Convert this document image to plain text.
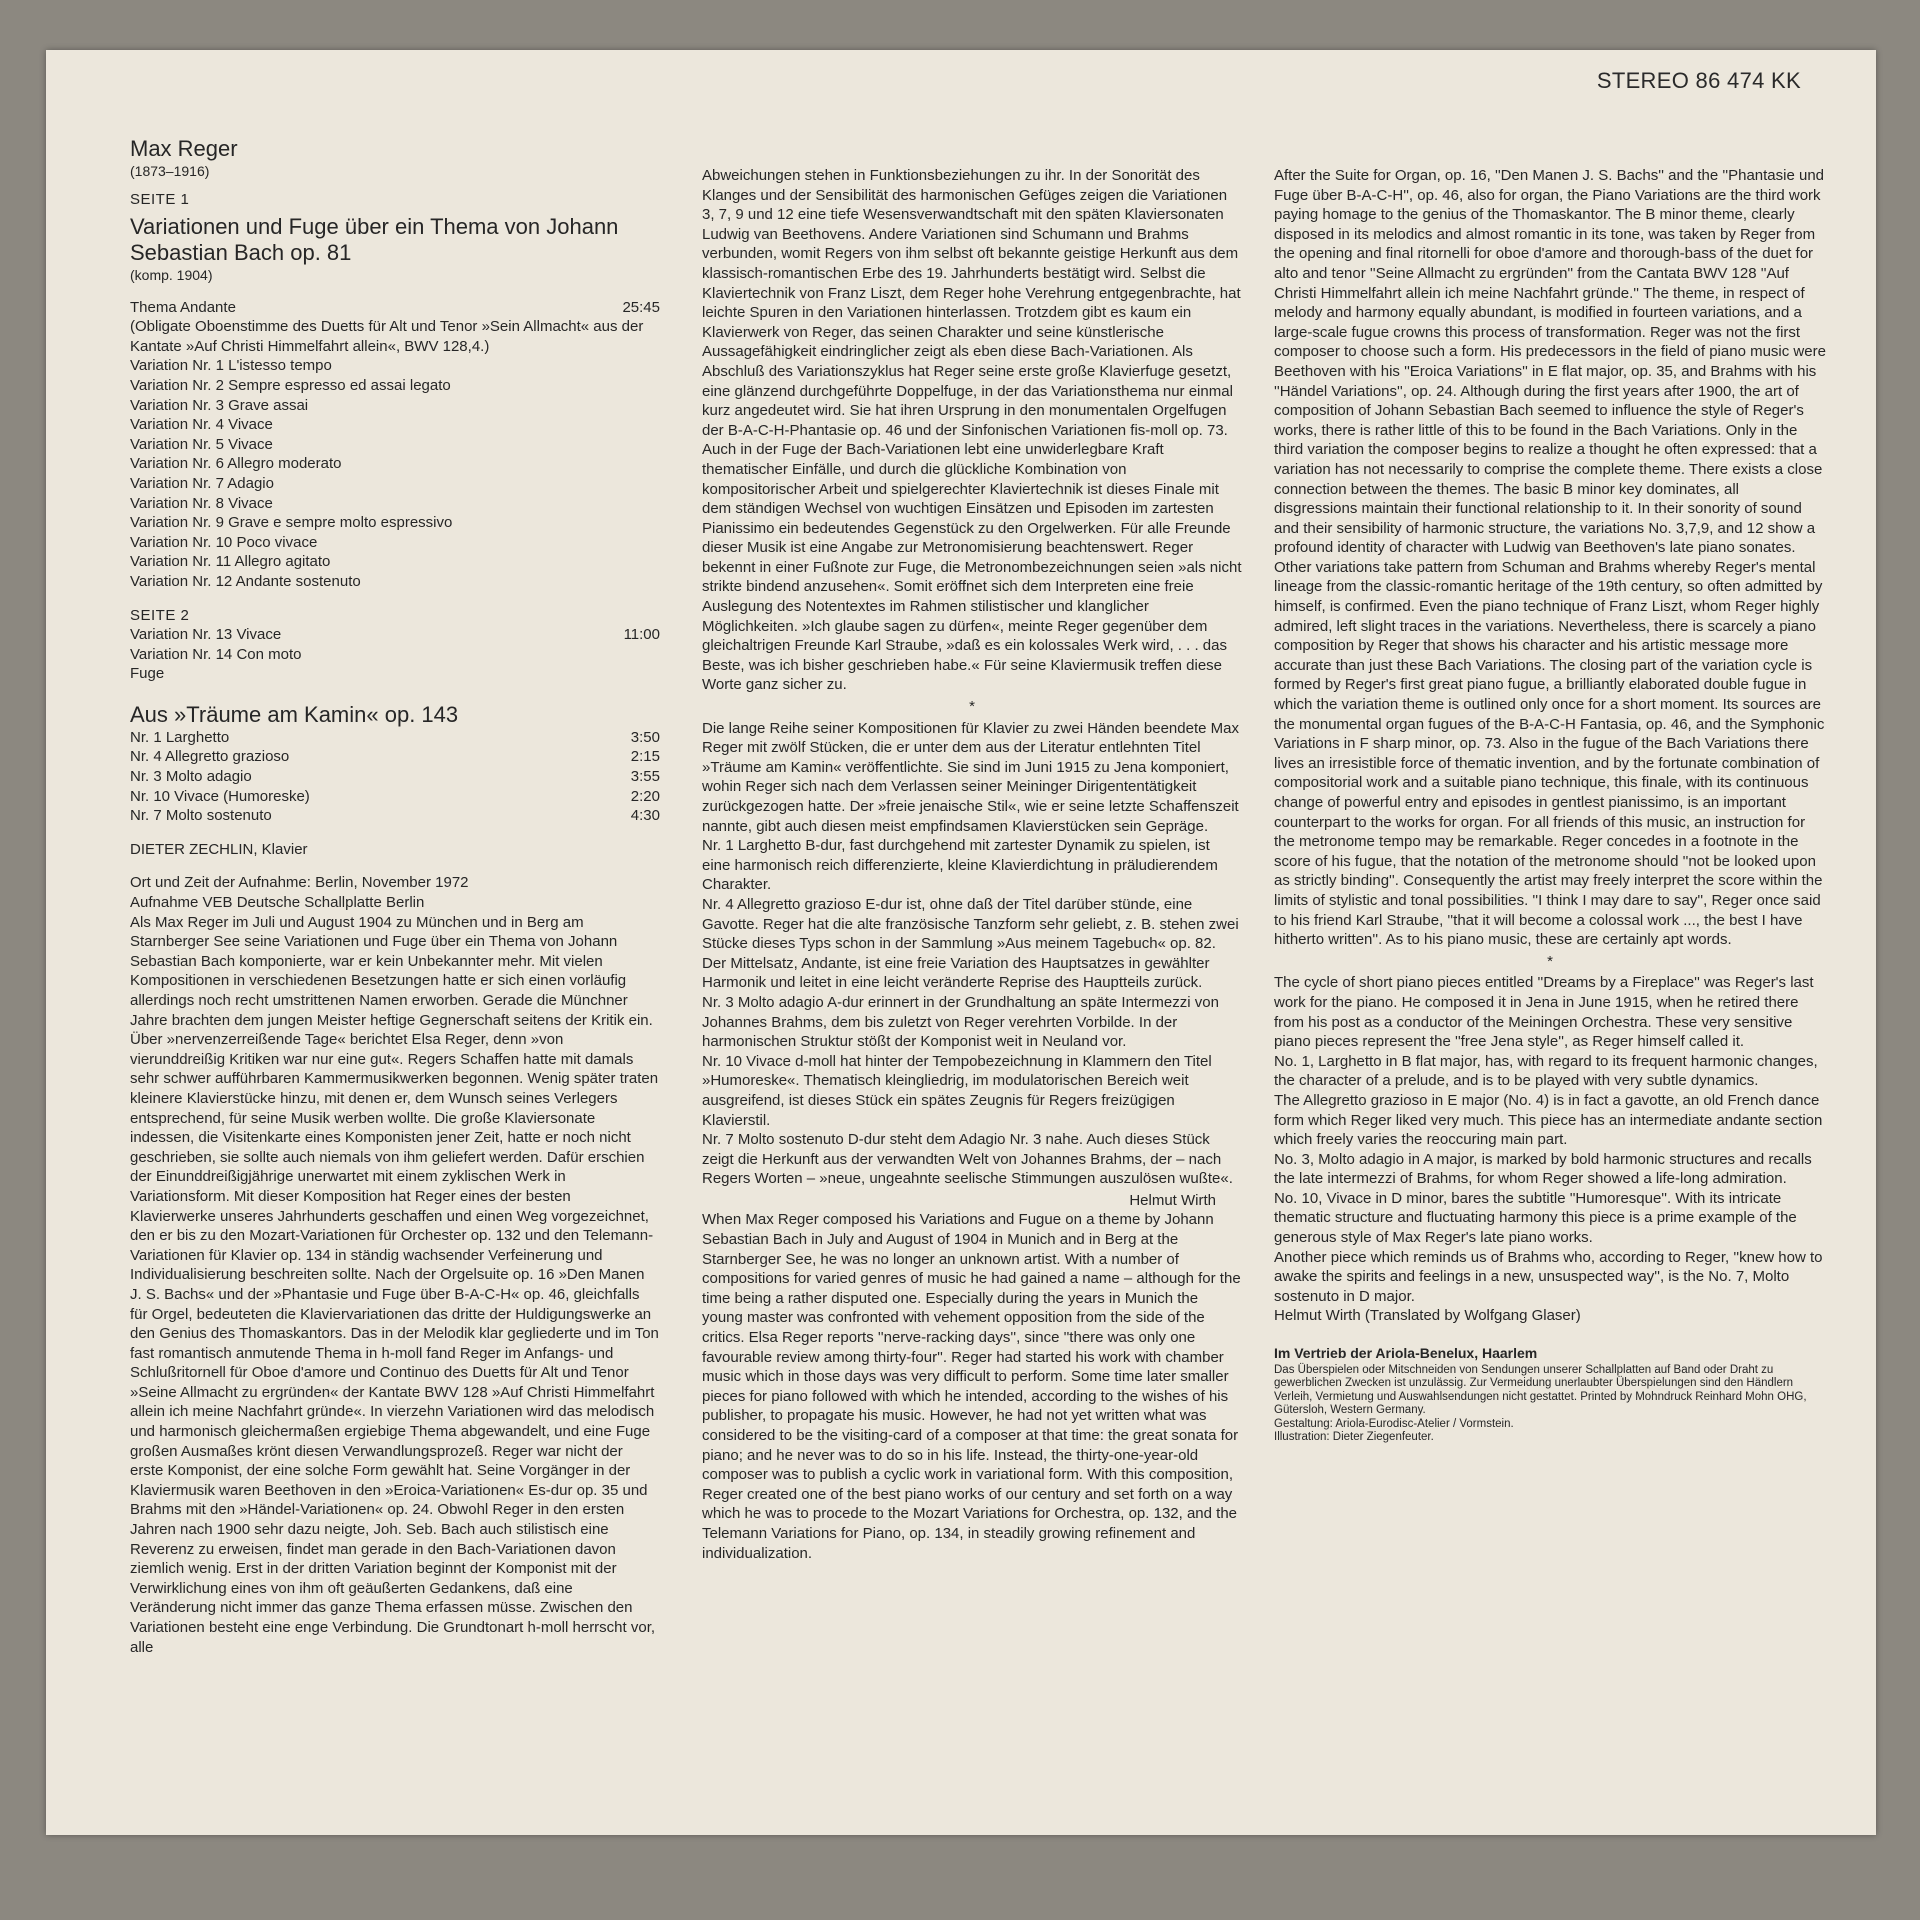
STEREO 86 474 KK
Max Reger
(1873–1916)
SEITE 1
Variationen und Fuge über ein Thema von Johann Sebastian Bach op. 81
(komp. 1904)
Thema Andante	25:45
(Obligate Oboenstimme des Duetts für Alt und Tenor »Sein Allmacht« aus der Kantate »Auf Christi Himmelfahrt allein«, BWV 128,4.)
Variation Nr. 1 L'istesso tempo
Variation Nr. 2 Sempre espresso ed assai legato
Variation Nr. 3 Grave assai
Variation Nr. 4 Vivace
Variation Nr. 5 Vivace
Variation Nr. 6 Allegro moderato
Variation Nr. 7 Adagio
Variation Nr. 8 Vivace
Variation Nr. 9 Grave e sempre molto espressivo
Variation Nr. 10 Poco vivace
Variation Nr. 11 Allegro agitato
Variation Nr. 12 Andante sostenuto
SEITE 2
Variation Nr. 13 Vivace	11:00
Variation Nr. 14 Con moto
Fuge
Aus »Träume am Kamin« op. 143
Nr. 1 Larghetto	3:50
Nr. 4 Allegretto grazioso	2:15
Nr. 3 Molto adagio	3:55
Nr. 10 Vivace (Humoreske)	2:20
Nr. 7 Molto sostenuto	4:30
DIETER ZECHLIN, Klavier
Ort und Zeit der Aufnahme: Berlin, November 1972
Aufnahme VEB Deutsche Schallplatte Berlin

Als Max Reger im Juli und August 1904 zu München und in Berg am Starnberger See seine Variationen und Fuge über ein Thema von Johann Sebastian Bach komponierte, war er kein Unbekannter mehr. Mit vielen Kompositionen in verschiedenen Besetzungen hatte er sich einen vorläufig allerdings noch recht umstrittenen Namen erworben. Gerade die Münchner Jahre brachten dem jungen Meister heftige Gegnerschaft seitens der Kritik ein. Über »nervenzerreißende Tage« berichtet Elsa Reger, denn »von vierunddreißig Kritiken war nur eine gut«. Regers Schaffen hatte mit damals sehr schwer aufführbaren Kammermusikwerken begonnen. Wenig später traten kleinere Klavierstücke hinzu, mit denen er, dem Wunsch seines Verlegers entsprechend, für seine Musik werben wollte. Die große Klaviersonate indessen, die Visitenkarte eines Komponisten jener Zeit, hatte er noch nicht geschrieben, sie sollte auch niemals von ihm geliefert werden. Dafür erschien der Einunddreißigjährige unerwartet mit einem zyklischen Werk in Variationsform. Mit dieser Komposition hat Reger eines der besten Klavierwerke unseres Jahrhunderts geschaffen und einen Weg vorgezeichnet, den er bis zu den Mozart-Variationen für Orchester op. 132 und den Telemann-Variationen für Klavier op. 134 in ständig wachsender Verfeinerung und Individualisierung beschreiten sollte. Nach der Orgelsuite op. 16 »Den Manen J. S. Bachs« und der »Phantasie und Fuge über B-A-C-H« op. 46, gleichfalls für Orgel, bedeuteten die Klaviervariationen das dritte der Huldigungswerke an den Genius des Thomaskantors. Das in der Melodik klar gegliederte und im Ton fast romantisch anmutende Thema in h-moll fand Reger im Anfangs- und Schlußritornell für Oboe d'amore und Continuo des Duetts für Alt und Tenor »Seine Allmacht zu ergründen« der Kantate BWV 128 »Auf Christi Himmelfahrt allein ich meine Nachfahrt gründe«. In vierzehn Variationen wird das melodisch und harmonisch gleichermaßen ergiebige Thema abgewandelt, und eine Fuge großen Ausmaßes krönt diesen Verwandlungsprozeß. Reger war nicht der erste Komponist, der eine solche Form gewählt hat. Seine Vorgänger in der Klaviermusik waren Beethoven in den »Eroica-Variationen« Es-dur op. 35 und Brahms mit den »Händel-Variationen« op. 24. Obwohl Reger in den ersten Jahren nach 1900 sehr dazu neigte, Joh. Seb. Bach auch stilistisch eine Reverenz zu erweisen, findet man gerade in den Bach-Variationen davon ziemlich wenig. Erst in der dritten Variation beginnt der Komponist mit der Verwirklichung eines von ihm oft geäußerten Gedankens, daß eine Veränderung nicht immer das ganze Thema erfassen müsse. Zwischen den Variationen besteht eine enge Verbindung. Die Grundtonart h-moll herrscht vor, alle

Abweichungen stehen in Funktionsbeziehungen zu ihr. In der Sonorität des Klanges und der Sensibilität des harmonischen Gefüges zeigen die Variationen 3, 7, 9 und 12 eine tiefe Wesensverwandtschaft mit den späten Klaviersonaten Ludwig van Beethovens. Andere Variationen sind Schumann und Brahms verbunden, womit Regers von ihm selbst oft bekannte geistige Herkunft aus dem klassisch-romantischen Erbe des 19. Jahrhunderts bestätigt wird. Selbst die Klaviertechnik von Franz Liszt, dem Reger hohe Verehrung entgegenbrachte, hat leichte Spuren in den Variationen hinterlassen. Trotzdem gibt es kaum ein Klavierwerk von Reger, das seinen Charakter und seine künstlerische Aussagefähigkeit eindringlicher zeigt als eben diese Bach-Variationen. Als Abschluß des Variationszyklus hat Reger seine erste große Klavierfuge gesetzt, eine glänzend durchgeführte Doppelfuge, in der das Variationsthema nur einmal kurz angedeutet wird. Sie hat ihren Ursprung in den monumentalen Orgelfugen der B-A-C-H-Phantasie op. 46 und der Sinfonischen Variationen fis-moll op. 73. Auch in der Fuge der Bach-Variationen lebt eine unwiderlegbare Kraft thematischer Einfälle, und durch die glückliche Kombination von kompositorischer Arbeit und spielgerechter Klaviertechnik ist dieses Finale mit dem ständigen Wechsel von wuchtigen Einsätzen und Episoden im zartesten Pianissimo ein bedeutendes Gegenstück zu den Orgelwerken. Für alle Freunde dieser Musik ist eine Angabe zur Metronomisierung beachtenswert. Reger bekennt in einer Fußnote zur Fuge, die Metronombezeichnungen seien »als nicht strikte bindend anzusehen«. Somit eröffnet sich dem Interpreten eine freie Auslegung des Notentextes im Rahmen stilistischer und klanglicher Möglichkeiten. »Ich glaube sagen zu dürfen«, meinte Reger gegenüber dem gleichaltrigen Freunde Karl Straube, »daß es ein kolossales Werk wird, . . . das Beste, was ich bisher geschrieben habe.« Für seine Klaviermusik treffen diese Worte ganz sicher zu.

*

Die lange Reihe seiner Kompositionen für Klavier zu zwei Händen beendete Max Reger mit zwölf Stücken, die er unter dem aus der Literatur entlehnten Titel »Träume am Kamin« veröffentlichte. Sie sind im Juni 1915 zu Jena komponiert, wohin Reger sich nach dem Verlassen seiner Meininger Dirigententätigkeit zurückgezogen hatte. Der »freie jenaische Stil«, wie er seine letzte Schaffenszeit nannte, gibt auch diesen meist empfindsamen Klavierstücken sein Gepräge.

Nr. 1 Larghetto B-dur, fast durchgehend mit zartester Dynamik zu spielen, ist eine harmonisch reich differenzierte, kleine Klavierdichtung in präludierendem Charakter.

Nr. 4 Allegretto grazioso E-dur ist, ohne daß der Titel darüber stünde, eine Gavotte. Reger hat die alte französische Tanzform sehr geliebt, z. B. stehen zwei Stücke dieses Typs schon in der Sammlung »Aus meinem Tagebuch« op. 82. Der Mittelsatz, Andante, ist eine freie Variation des Hauptsatzes in gewählter Harmonik und leitet in eine leicht veränderte Reprise des Hauptteils zurück.

Nr. 3 Molto adagio A-dur erinnert in der Grundhaltung an späte Intermezzi von Johannes Brahms, dem bis zuletzt von Reger verehrten Vorbilde. In der harmonischen Struktur stößt der Komponist weit in Neuland vor.

Nr. 10 Vivace d-moll hat hinter der Tempobezeichnung in Klammern den Titel »Humoreske«. Thematisch kleingliedrig, im modulatorischen Bereich weit ausgreifend, ist dieses Stück ein spätes Zeugnis für Regers freizügigen Klavierstil.

Nr. 7 Molto sostenuto D-dur steht dem Adagio Nr. 3 nahe. Auch dieses Stück zeigt die Herkunft aus der verwandten Welt von Johannes Brahms, der – nach Regers Worten – »neue, ungeahnte seelische Stimmungen auszulösen wußte«.

Helmut Wirth

When Max Reger composed his Variations and Fugue on a theme by Johann Sebastian Bach in July and August of 1904 in Munich and in Berg at the Starnberger See, he was no longer an unknown artist. With a number of compositions for varied genres of music he had gained a name – although for the time being a rather disputed one. Especially during the years in Munich the young master was confronted with vehement opposition from the side of the critics. Elsa Reger reports ''nerve-racking days'', since ''there was only one favourable review among thirty-four''. Reger had started his work with chamber music which in those days was very difficult to perform. Some time later smaller pieces for piano followed with which he intended, according to the wishes of his publisher, to propagate his music. However, he had not yet written what was considered to be the visiting-card of a composer at that time: the great sonata for piano; and he never was to do so in his life. Instead, the thirty-one-year-old composer was to publish a cyclic work in variational form. With this composition, Reger created one of the best piano works of our century and set forth on a way which he was to procede to the Mozart Variations for Orchestra, op. 132, and the Telemann Variations for Piano, op. 134, in steadily growing refinement and individualization.

After the Suite for Organ, op. 16, ''Den Manen J. S. Bachs'' and the ''Phantasie und Fuge über B-A-C-H'', op. 46, also for organ, the Piano Variations are the third work paying homage to the genius of the Thomaskantor. The B minor theme, clearly disposed in its melodics and almost romantic in its tone, was taken by Reger from the opening and final ritornelli for oboe d'amore and thorough-bass of the duet for alto and tenor ''Seine Allmacht zu ergründen'' from the Cantata BWV 128 ''Auf Christi Himmelfahrt allein ich meine Nachfahrt gründe.'' The theme, in respect of melody and harmony equally abundant, is modified in fourteen variations, and a large-scale fugue crowns this process of transformation. Reger was not the first composer to choose such a form. His predecessors in the field of piano music were Beethoven with his ''Eroica Variations'' in E flat major, op. 35, and Brahms with his ''Händel Variations'', op. 24. Although during the first years after 1900, the art of composition of Johann Sebastian Bach seemed to influence the style of Reger's works, there is rather little of this to be found in the Bach Variations. Only in the third variation the composer begins to realize a thought he often expressed: that a variation has not necessarily to comprise the complete theme. There exists a close connection between the themes. The basic B minor key dominates, all disgressions maintain their functional relationship to it. In their sonority of sound and their sensibility of harmonic structure, the variations No. 3,7,9, and 12 show a profound identity of character with Ludwig van Beethoven's late piano sonates. Other variations take pattern from Schuman and Brahms whereby Reger's mental lineage from the classic-romantic heritage of the 19th century, so often admitted by himself, is confirmed. Even the piano technique of Franz Liszt, whom Reger highly admired, left slight traces in the variations. Nevertheless, there is scarcely a piano composition by Reger that shows his character and his artistic message more accurate than just these Bach Variations. The closing part of the variation cycle is formed by Reger's first great piano fugue, a brilliantly elaborated double fugue in which the variation theme is outlined only once for a short moment. Its sources are the monumental organ fugues of the B-A-C-H Fantasia, op. 46, and the Symphonic Variations in F sharp minor, op. 73. Also in the fugue of the Bach Variations there lives an irresistible force of thematic invention, and by the fortunate combination of compositorial work and a suitable piano technique, this finale, with its continuous change of powerful entry and episodes in gentlest pianissimo, is an important counterpart to the works for organ. For all friends of this music, an instruction for the metronome tempo may be remarkable. Reger concedes in a footnote in the score of his fugue, that the notation of the metronome should ''not be looked upon as strictly binding''. Consequently the artist may freely interpret the score within the limits of stylistic and tonal possibilities. ''I think I may dare to say'', Reger once said to his friend Karl Straube, ''that it will become a colossal work ..., the best I have hitherto written''. As to his piano music, these are certainly apt words.

*

The cycle of short piano pieces entitled ''Dreams by a Fireplace'' was Reger's last work for the piano. He composed it in Jena in June 1915, when he retired there from his post as a conductor of the Meiningen Orchestra. These very sensitive piano pieces represent the ''free Jena style'', as Reger himself called it.

No. 1, Larghetto in B flat major, has, with regard to its frequent harmonic changes, the character of a prelude, and is to be played with very subtle dynamics.

The Allegretto grazioso in E major (No. 4) is in fact a gavotte, an old French dance form which Reger liked very much. This piece has an intermediate andante section which freely varies the reoccuring main part.

No. 3, Molto adagio in A major, is marked by bold harmonic structures and recalls the late intermezzi of Brahms, for whom Reger showed a life-long admiration.

No. 10, Vivace in D minor, bares the subtitle ''Humoresque''. With its intricate thematic structure and fluctuating harmony this piece is a prime example of the generous style of Max Reger's late piano works.

Another piece which reminds us of Brahms who, according to Reger, ''knew how to awake the spirits and feelings in a new, unsuspected way'', is the No. 7, Molto sostenuto in D major.

Helmut Wirth (Translated by Wolfgang Glaser)
Im Vertrieb der Ariola-Benelux, Haarlem
Das Überspielen oder Mitschneiden von Sendungen unserer Schallplatten auf Band oder Draht zu gewerblichen Zwecken ist unzulässig. Zur Vermeidung unerlaubter Überspielungen sind den Händlern Verleih, Vermietung und Auswahlsendungen nicht gestattet. Printed by Mohndruck Reinhard Mohn OHG, Gütersloh, Western Germany.
Gestaltung: Ariola-Eurodisc-Atelier / Vormstein.
Illustration: Dieter Ziegenfeuter.
